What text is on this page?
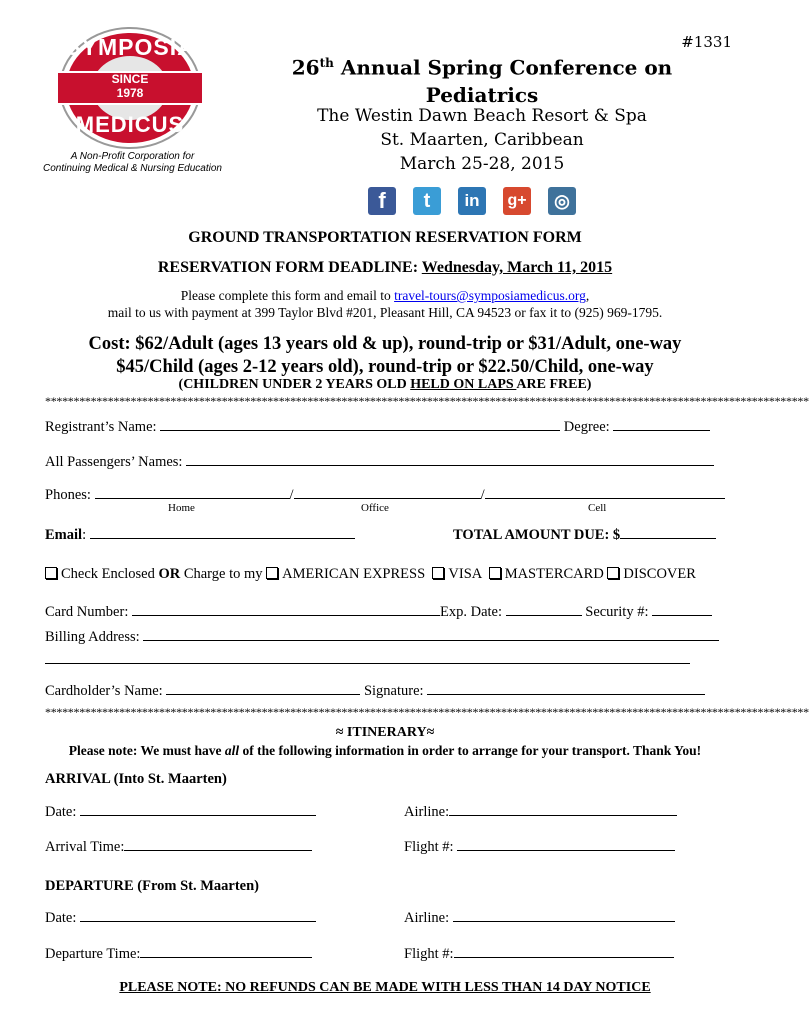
#1331
SYMPOSIA
SINCE
1978
MEDICUS
A Non-Profit Corporation for
Continuing Medical & Nursing Education
26th Annual Spring Conference on
Pediatrics
The Westin Dawn Beach Resort & Spa
St. Maarten, Caribbean
March 25-28, 2015
f	t	in	g+	◎
GROUND TRANSPORTATION RESERVATION FORM
RESERVATION FORM DEADLINE: Wednesday, March 11, 2015
Please complete this form and email to travel-tours@symposiamedicus.org,
mail to us with payment at 399 Taylor Blvd #201, Pleasant Hill, CA 94523 or fax it to (925) 969-1795.
Cost: $62/Adult (ages 13 years old & up), round-trip or $31/Adult, one-way
$45/Child (ages 2-12 years old), round-trip or $22.50/Child, one-way
(CHILDREN UNDER 2 YEARS OLD HELD ON LAPS ARE FREE)
**************************************************************************************************************************************
Registrant’s Name:	Degree:
All Passengers’ Names:
Phones:	/	/
Home	Office	Cell
Email:	TOTAL AMOUNT DUE: $
Check Enclosed OR Charge to my AMERICAN EXPRESS VISA MASTERCARD DISCOVER
Card Number:	Exp. Date:	Security #:
Billing Address:
Cardholder’s Name:	Signature:
**************************************************************************************************************************************
≈ ITINERARY≈
Please note: We must have all of the following information in order to arrange for your transport. Thank You!
ARRIVAL (Into St. Maarten)
Date:	Airline:
Arrival Time:	Flight #:
DEPARTURE (From St. Maarten)
Date:	Airline:
Departure Time:	Flight #:
PLEASE NOTE: NO REFUNDS CAN BE MADE WITH LESS THAN 14 DAY NOTICE
